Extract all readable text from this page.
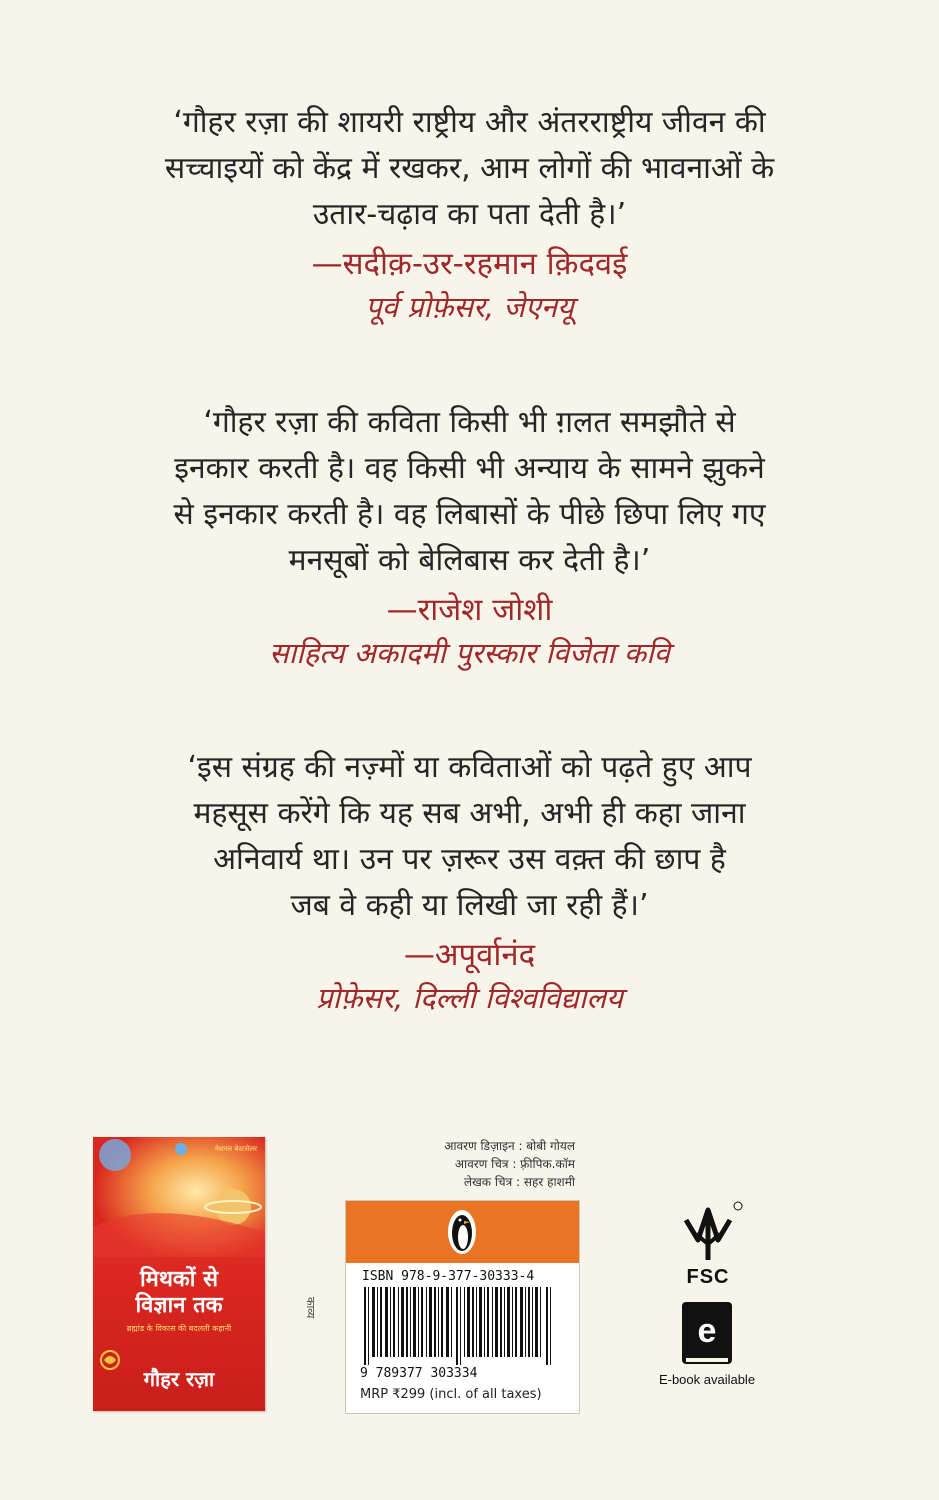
‘गौहर रज़ा की शायरी राष्ट्रीय और अंतरराष्ट्रीय जीवन की
सच्चाइयों को केंद्र में रखकर, आम लोगों की भावनाओं के
उतार-चढ़ाव का पता देती है।’
—सदीक़-उर-रहमान क़िदवई
पूर्व प्रोफ़ेसर, जेएनयू
‘गौहर रज़ा की कविता किसी भी ग़लत समझौते से
इनकार करती है। वह किसी भी अन्याय के सामने झुकने
से इनकार करती है। वह लिबासों के पीछे छिपा लिए गए
मनसूबों को बेलिबास कर देती है।’
—राजेश जोशी
साहित्य अकादमी पुरस्कार विजेता कवि
‘इस संग्रह की नज़्मों या कविताओं को पढ़ते हुए आप
महसूस करेंगे कि यह सब अभी, अभी ही कहा जाना
अनिवार्य था। उन पर ज़रूर उस वक़्त की छाप है
जब वे कही या लिखी जा रही हैं।’
—अपूर्वानंद
प्रोफ़ेसर, दिल्ली विश्वविद्यालय
नेशनल बेस्टसेलर
मिथकों से
विज्ञान तक
ब्रह्मांड के विकास की बदलती कहानी
गौहर रज़ा
आवरण डिज़ाइन : बोबी गोयल
आवरण चित्र : फ़्रीपिक.कॉम
लेखक चित्र : सहर हाशमी
काव्य
ISBN 978-9-377-30333-4
9 789377 303334
MRP ₹299 (incl. of all taxes)
FSC
e
E-book available
